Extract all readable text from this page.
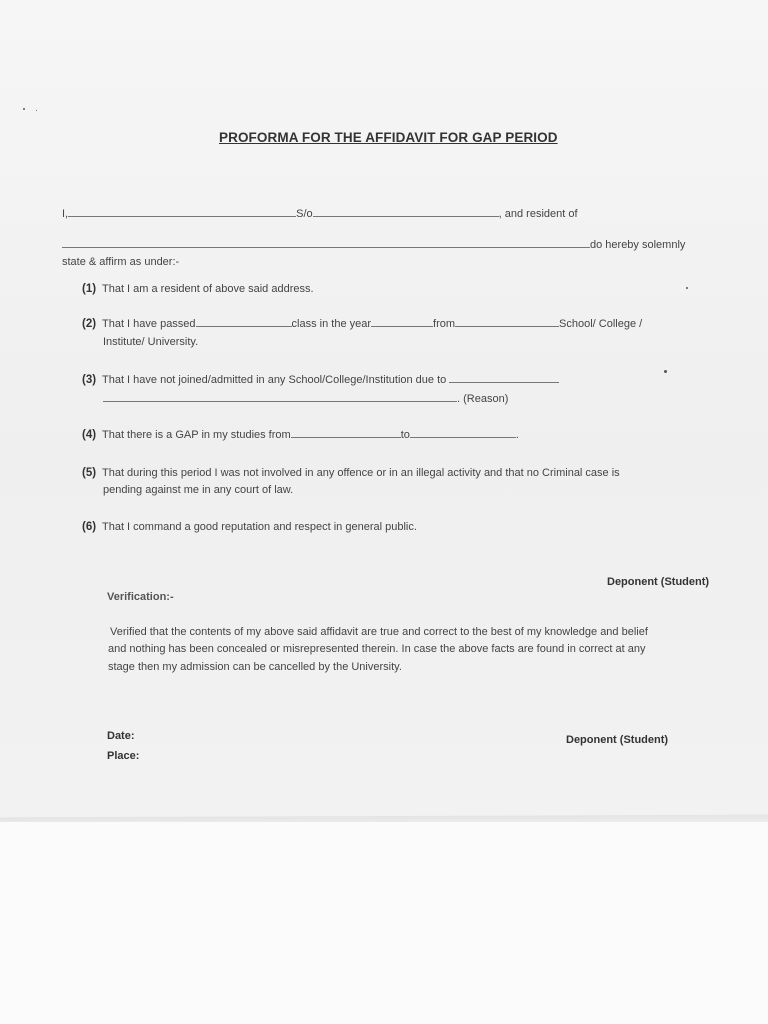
PROFORMA FOR THE AFFIDAVIT FOR GAP PERIOD
I,	S/o	, and resident of
do hereby solemnly
state & affirm as under:-
(1) That I am a resident of above said address.
(2) That I have passed	class in the year	from	School/ College /
Institute/ University.
(3) That I have not joined/admitted in any School/College/Institution due to
. (Reason)
(4) That there is a GAP in my studies from	to	.
(5) That during this period I was not involved in any offence or in an illegal activity and that no Criminal case is
pending against me in any court of law.
(6) That I command a good reputation and respect in general public.
Deponent (Student)
Verification:-
Verified that the contents of my above said affidavit are true and correct to the best of my knowledge and belief
and nothing has been concealed or misrepresented therein. In case the above facts are found in correct at any
stage then my admission can be cancelled by the University.
Date:
Place:
Deponent (Student)
